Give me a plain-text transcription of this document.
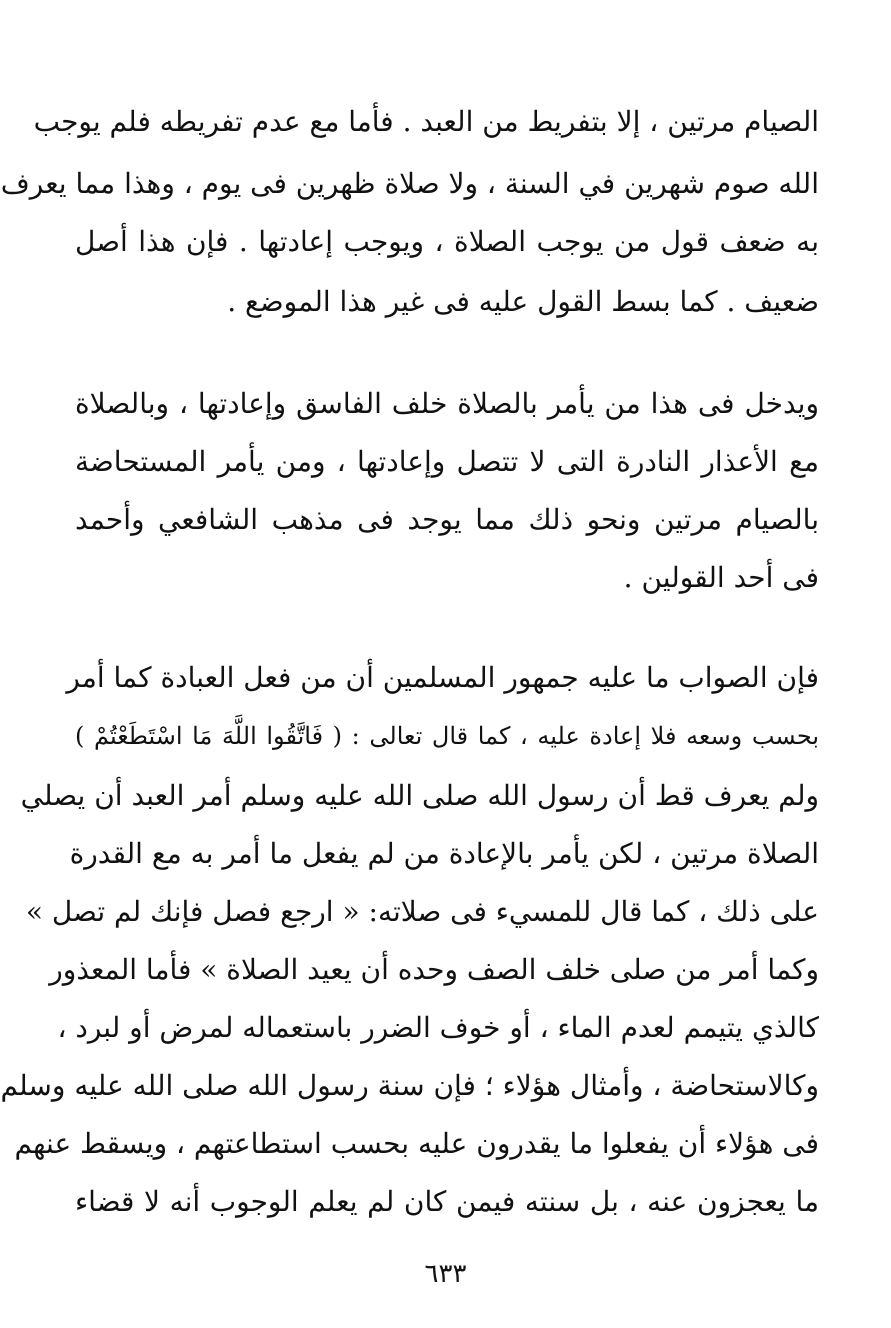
الصيام مرتين ، إلا بتفريط من العبد . فأما مع عدم تفريطه فلم يوجب
الله صوم شهرين في السنة ، ولا صلاة ظهرين فى يوم ، وهذا مما يعرف
به ضعف قول من يوجب الصلاة ، ويوجب إعادتها . فإن هذا أصل
ضعيف . كما بسط القول عليه فى غير هذا الموضع .
ويدخل فى هذا من يأمر بالصلاة خلف الفاسق وإعادتها ، وبالصلاة
مع الأعذار النادرة التى لا تتصل وإعادتها ، ومن يأمر المستحاضة
بالصيام مرتين ونحو ذلك مما يوجد فى مذهب الشافعي وأحمد
فى أحد القولين .
فإن الصواب ما عليه جمهور المسلمين أن من فعل العبادة كما أمر
بحسب وسعه فلا إعادة عليه ، كما قال تعالى : ( فَاتَّقُوا اللَّهَ مَا اسْتَطَعْتُمْ )
ولم يعرف قط أن رسول الله صلى الله عليه وسلم أمر العبد أن يصلي
الصلاة مرتين ، لكن يأمر بالإعادة من لم يفعل ما أمر به مع القدرة
على ذلك ، كما قال للمسيء فى صلاته: « ارجع فصل فإنك لم تصل »
وكما أمر من صلى خلف الصف وحده أن يعيد الصلاة » فأما المعذور
كالذي يتيمم لعدم الماء ، أو خوف الضرر باستعماله لمرض أو لبرد ،
وكالاستحاضة ، وأمثال هؤلاء ؛ فإن سنة رسول الله صلى الله عليه وسلم
فى هؤلاء أن يفعلوا ما يقدرون عليه بحسب استطاعتهم ، ويسقط عنهم
ما يعجزون عنه ، بل سنته فيمن كان لم يعلم الوجوب أنه لا قضاء
٦٣٣
